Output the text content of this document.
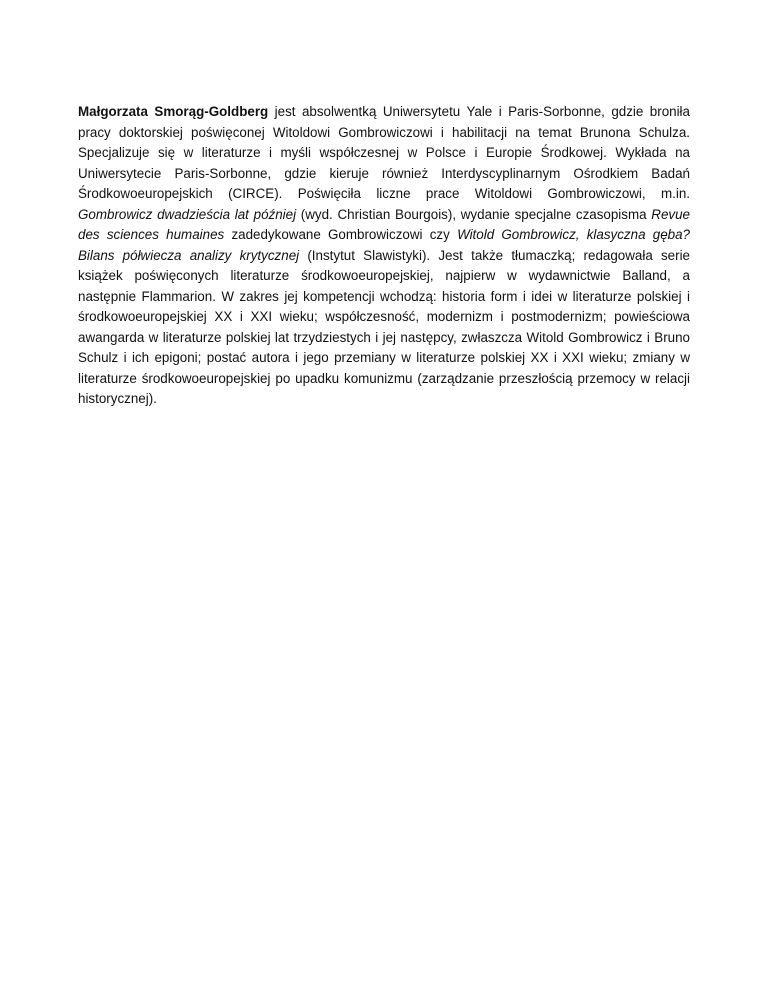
Małgorzata Smorąg-Goldberg jest absolwentką Uniwersytetu Yale i Paris-Sorbonne, gdzie broniła pracy doktorskiej poświęconej Witoldowi Gombrowiczowi i habilitacji na temat Brunona Schulza. Specjalizuje się w literaturze i myśli współczesnej w Polsce i Europie Środkowej. Wykłada na Uniwersytecie Paris-Sorbonne, gdzie kieruje również Interdyscyplinarnym Ośrodkiem Badań Środkowoeuropejskich (CIRCE). Poświęciła liczne prace Witoldowi Gombrowiczowi, m.in. Gombrowicz dwadzieścia lat później (wyd. Christian Bourgois), wydanie specjalne czasopisma Revue des sciences humaines zadedykowane Gombrowiczowi czy Witold Gombrowicz, klasyczna gęba? Bilans półwiecza analizy krytycznej (Instytut Slawistyki). Jest także tłumaczką; redagowała serie książek poświęconych literaturze środkowoeuropejskiej, najpierw w wydawnictwie Balland, a następnie Flammarion. W zakres jej kompetencji wchodzą: historia form i idei w literaturze polskiej i środkowoeuropejskiej XX i XXI wieku; współczesność, modernizm i postmodernizm; powieściowa awangarda w literaturze polskiej lat trzydziestych i jej następcy, zwłaszcza Witold Gombrowicz i Bruno Schulz i ich epigoni; postać autora i jego przemiany w literaturze polskiej XX i XXI wieku; zmiany w literaturze środkowoeuropejskiej po upadku komunizmu (zarządzanie przeszłością przemocy w relacji historycznej).
